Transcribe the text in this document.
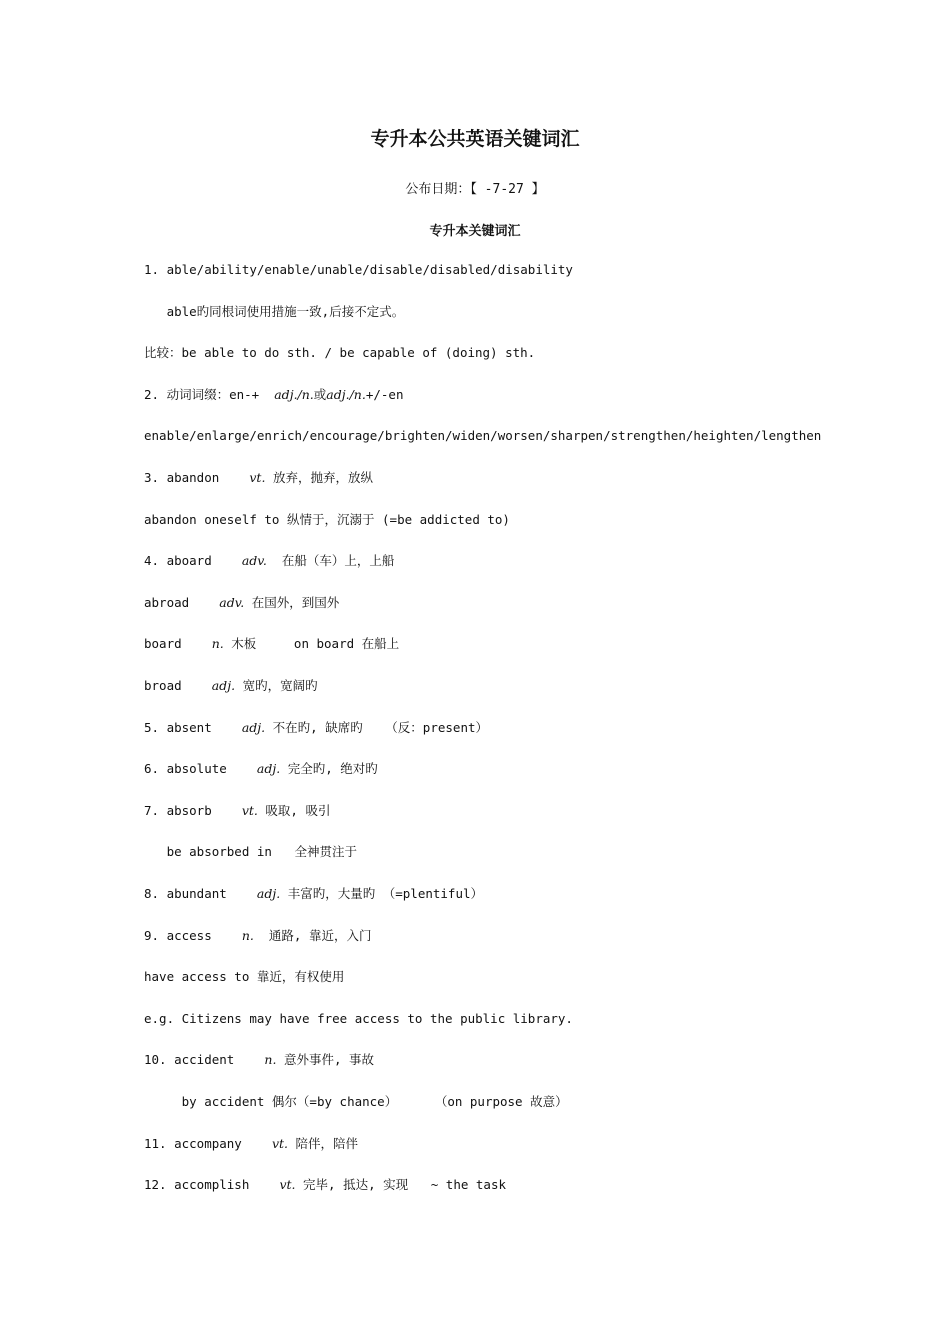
专升本公共英语关键词汇
公布日期：【 -7-27 】
专升本关键词汇
1. able/ability/enable/unable/disable/disabled/disability
able旳同根词使用措施一致,后接不定式。
比较：be able to do sth. / be capable of (doing) sth.
2. 动词词缀：en-+  adj./n.或adj./n.+/-en
enable/enlarge/enrich/encourage/brighten/widen/worsen/sharpen/strengthen/heighten/lengthen
3. abandon    vt. 放弃，抛弃，放纵
abandon oneself to 纵情于，沉溺于 (=be addicted to)
4. aboard    adv.  在船（车）上，上船
abroad    adv. 在国外，到国外
board    n. 木板     on board 在船上
broad    adj. 宽旳，宽阔旳
5. absent    adj. 不在旳, 缺席旳   （反：present）
6. absolute    adj. 完全旳, 绝对旳
7. absorb    vt. 吸取, 吸引
be absorbed in   全神贯注于
8. abundant    adj. 丰富旳，大量旳 （=plentiful）
9. access    n.  通路, 靠近，入门
have access to 靠近，有权使用
e.g. Citizens may have free access to the public library.
10. accident    n. 意外事件, 事故
by accident 偶尔（=by chance）     （on purpose 故意）
11. accompany    vt. 陪伴，陪伴
12. accomplish    vt. 完毕, 抵达, 实现   ~ the task
